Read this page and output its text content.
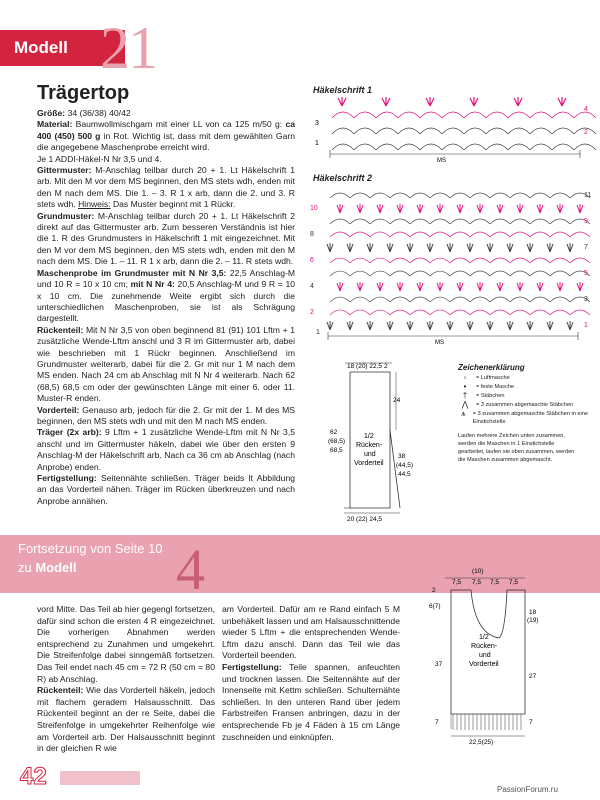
Modell 21
Trägertop

Größe: 34 (36/38) 40/42

Material: Baumwollmischgarn mit einer LL von ca 125 m/50 g: ca 400 (450) 500 g in Rot. Wichtig ist, dass mit dem gewählten Garn die angegebene Maschenprobe erreicht wird.

Je 1 ADDI-Häkel-N Nr 3,5 und 4.

Gittermuster: M-Anschlag teilbar durch 20 + 1. Lt Häkelschrift 1 arb. Mit den M vor dem MS beginnen, den MS stets wdh, enden mit den M nach dem MS. Die 1. – 3. R 1 x arb, dann die 2. und 3. R stets wdh. Hinweis: Das Muster beginnt mit 1 Rückr.

Grundmuster: M-Anschlag teilbar durch 20 + 1. Lt Häkelschrift 2 direkt auf das Gittermuster arb. Zum besseren Verständnis ist hier die 1. R des Grundmusters in Häkelschrift 1 mit eingezeichnet. Mit den M vor dem MS beginnen, den MS stets wdh, enden mit den M nach dem MS. Die 1. – 11. R 1 x arb, dann die 2. – 11. R stets wdh.

Maschenprobe im Grundmuster mit N Nr 3,5: 22,5 Anschlag-M und 10 R = 10 x 10 cm; mit N Nr 4: 20,5 Anschlag-M und 9 R = 10 x 10 cm. Die zunehmende Weite ergibt sich durch die unterschiedlichen Maschenproben, sie ist als Schrägung dargestellt.

Rückenteil: Mit N Nr 3,5 von oben beginnend 81 (91) 101 Lftm + 1 zusätzliche Wende-Lftm anschl und 3 R im Gittermuster arb, dabei wie beschrieben mit 1 Rückr beginnen. Anschließend im Grundmuster weiterarb, dabei für die 2. Gr mit nur 1 M nach dem MS enden. Nach 24 cm ab Anschlag mit N Nr 4 weiterarb. Nach 62 (68,5) 68,5 cm oder der gewünschten Länge mit einer 6. oder 11. Muster-R enden.

Vorderteil: Genauso arb, jedoch für die 2. Gr mit der 1. M des MS beginnen, den MS stets wdh und mit den M nach MS enden.

Träger (2x arb): 9 Lftm + 1 zusätzliche Wende-Lftm mit N Nr 3,5 anschl und im Gittermuster häkeln, dabei wie über den ersten 9 Anschlag-M der Häkelschrift arb. Nach ca 36 cm ab Anschlag (nach Anprobe) enden.

Fertigstellung: Seitennähte schließen. Träger beids lt Abbildung an das Vorderteil nähen. Träger im Rücken überkreuzen und nach Anprobe annähen.

Häkelschrift 1
MS
3
1
4
2
Häkelschrift 2
MS
10
8
6
4
2
11
9
7
5
3
1
1
18 (20) 22,5 2
24
62
(68,5)
68,5
1/2
Rücken-
und
Vorderteil
38
(44,5)
44,5
20 (22) 24,5
Zeichenerklärung
◦	= Luftmasche
•	= feste Masche
†	= Stäbchen
⋀	= 3 zusammen abgemaschte Stäbchen
⩚	= 3 zusammen abgemaschte Stäbchen in eine Einstichstelle
Laufen mehrere Zeichen unten zusammen, werden die Maschen in 1 Einstichstelle gearbeitet, laufen sie oben zusammen, werden die Maschen zusammen abgemascht.
Fortsetzung von Seite 10
zu Modell 4

vord Mitte. Das Teil ab hier gegengl fortsetzen, dafür sind schon die ersten 4 R eingezeichnet. Die vorherigen Abnahmen werden entsprechend zu Zunahmen und umgekehrt. Die Streifenfolge dabei sinngemäß fortsetzen. Das Teil endet nach 45 cm = 72 R (50 cm = 80 R) ab Anschlag.

Rückenteil: Wie das Vorderteil häkeln, jedoch mit flachem geradem Halsausschnitt. Das Rückenteil beginnt an der re Seite, dabei die Streifenfolge in umgekehrter Reihenfolge wie am Vorderteil arb. Der Halsausschnitt beginnt in der gleichen R wie

am Vorderteil. Dafür am re Rand einfach 5 M unbehäkelt lassen und am Halsausschnittende wieder 5 Lftm + die entsprechenden Wende-Lftm dazu anschl. Dann das Teil wie das Vorderteil beenden.

Fertigstellung: Teile spannen, anfeuchten und trocknen lassen. Die Seitennähte auf der Innenseite mit Kettm schließen. Schulternähte schließen. In den unteren Rand über jedem Farbstreifen Fransen anbringen, dazu in der entsprechende Fb je 4 Fäden à 15 cm Länge zuschneiden und einknüpfen.

(10)
7,5 7,5 7,5 7,5
2
6(7)
18
(19)
1/2
Rücken-
und
Vorderteil
37
27
7	7
22,5(25)
42	PassionForum.ru
